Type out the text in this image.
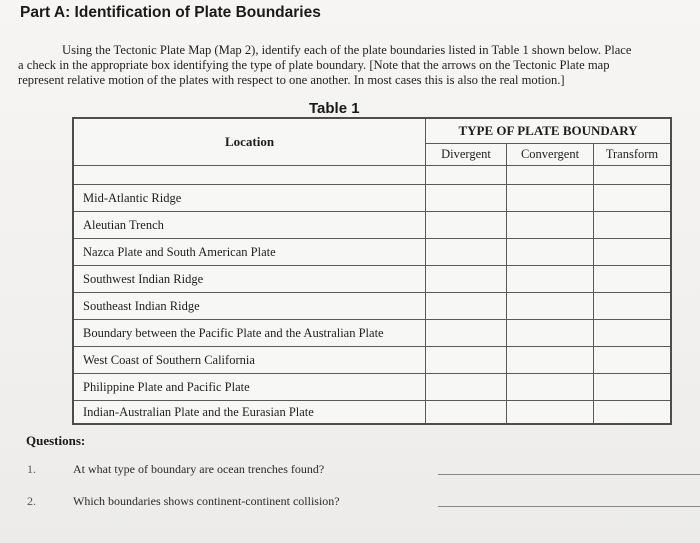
Part A: Identification of Plate Boundaries
Using the Tectonic Plate Map (Map 2), identify each of the plate boundaries listed in Table 1 shown below. Place
a check in the appropriate box identifying the type of plate boundary. [Note that the arrows on the Tectonic Plate map
represent relative motion of the plates with respect to one another. In most cases this is also the real motion.]
Table 1
Location	TYPE OF PLATE BOUNDARY		
	Divergent	Convergent	Transform

Mid-Atlantic Ridge			
Aleutian Trench			
Nazca Plate and South American Plate			
Southwest Indian Ridge			
Southeast Indian Ridge			
Boundary between the Pacific Plate and the Australian Plate			
West Coast of Southern California			
Philippine Plate and Pacific Plate			
Indian-Australian Plate and the Eurasian Plate			
Questions:
1.	At what type of boundary are ocean trenches found?
2.	Which boundaries shows continent-continent collision?
